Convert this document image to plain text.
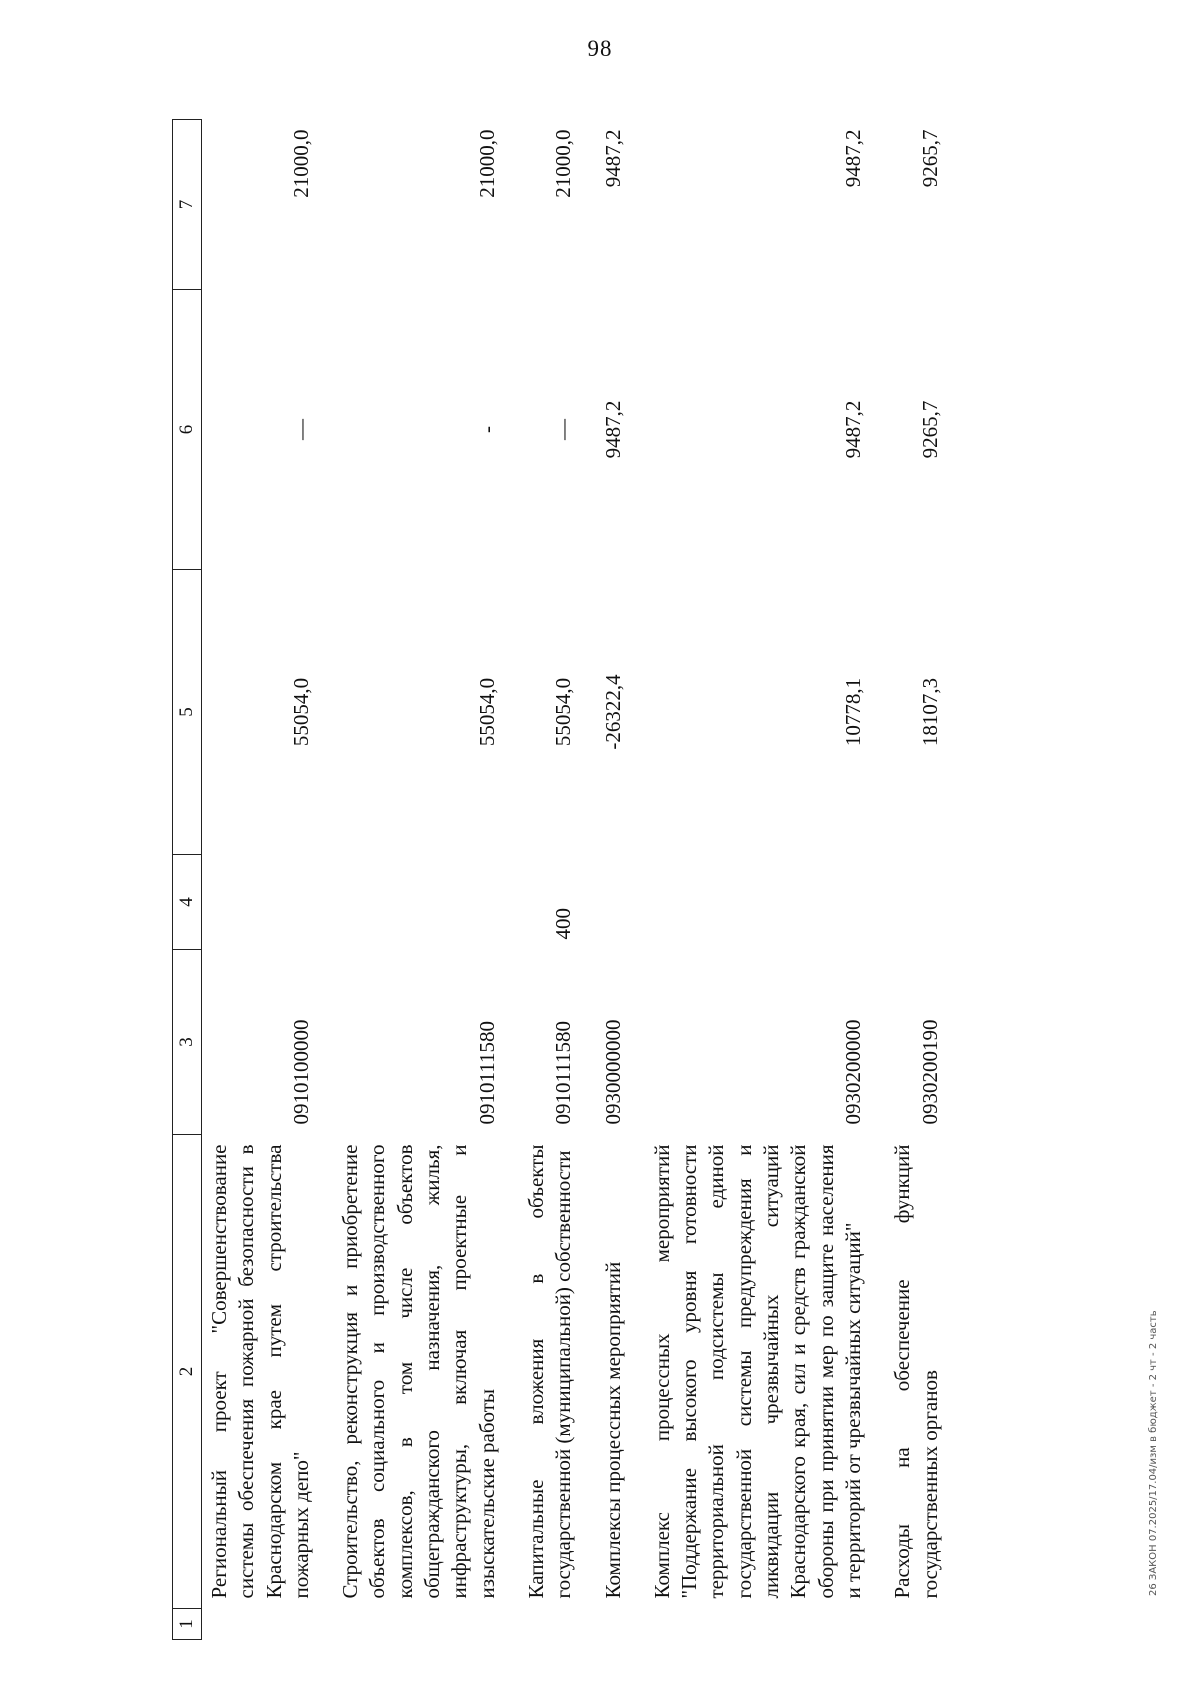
98
1	2	3	4	5	6	7
	Региональный проект "Совершенствование системы обеспечения пожарной безопасности в Краснодарском крае путем строительства пожарных депо"	0910100000		55054,0	—	21000,0
	Строительство, реконструкция и приобретение объектов социального и производственного комплексов, в том числе объектов общегражданского назначения, жилья, инфраструктуры, включая проектные и изыскательские работы	0910111580		55054,0	-	21000,0
	Капитальные вложения в объекты государственной (муниципальной) собственности	0910111580	400	55054,0	—	21000,0
	Комплексы процессных мероприятий	0930000000		-26322,4	9487,2	9487,2
	Комплекс процессных мероприятий "Поддержание высокого уровня готовности территориальной подсистемы единой государственной системы предупреждения и ликвидации чрезвычайных ситуаций Краснодарского края, сил и средств гражданской обороны при принятии мер по защите населения и территорий от чрезвычайных ситуаций"	0930200000		10778,1	9487,2	9487,2
	Расходы на обеспечение функций государственных органов	0930200190		18107,3	9265,7	9265,7
26 ЗАКОН 07.2025/17.04/изм в бюджет - 2 чт - 2 часть
